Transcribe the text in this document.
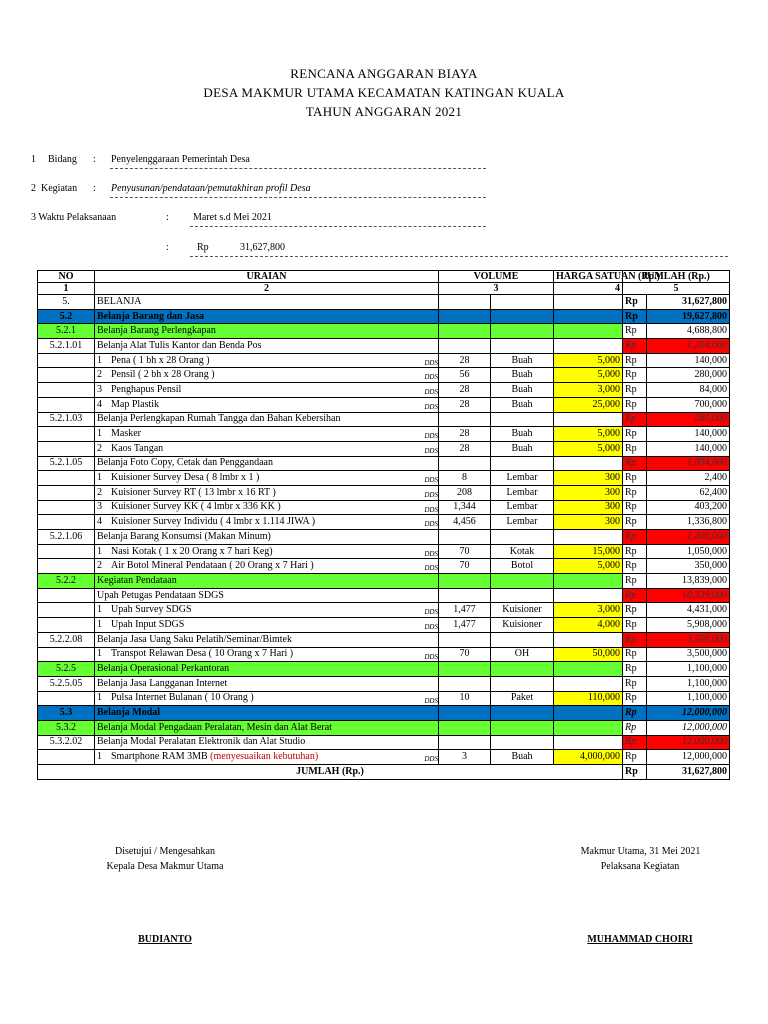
RENCANA ANGGARAN BIAYA
DESA MAKMUR UTAMA KECAMATAN KATINGAN KUALA
TAHUN ANGGARAN 2021
1 Bidang : Penyelenggaraan Pemerintah Desa
2 Kegiatan : Penyusunan/pendataan/pemutakhiran profil Desa
3 Waktu Pelaksanaan	: Maret s.d Mei 2021
:	Rp	31,627,800
NO	URAIAN	VOLUME		HARGA SATUAN (Rp.)	JUMLAH (Rp.)	
1	2	3		4	5	
5.	BELANJA				Rp	31,627,800
5.2	Belanja Barang dan Jasa				Rp	19,627,800
5.2.1	Belanja Barang Perlengkapan				Rp	4,688,800
5.2.1.01	Belanja Alat Tulis Kantor dan Benda Pos				Rp	1,204,000
	1 Pena ( 1 bh x 28 Orang ) DDS	28	Buah	5,000	Rp	140,000
	2 Pensil ( 2 bh x 28 Orang ) DDS	56	Buah	5,000	Rp	280,000
	3 Penghapus Pensil DDS	28	Buah	3,000	Rp	84,000
	4 Map Plastik DDS	28	Buah	25,000	Rp	700,000
5.2.1.03	Belanja Perlengkapan Rumah Tangga dan Bahan Kebersihan				Rp	280,000
	1 Masker DDS	28	Buah	5,000	Rp	140,000
	2 Kaos Tangan DDS	28	Buah	5,000	Rp	140,000
5.2.1.05	Belanja Foto Copy, Cetak dan Penggandaan				Rp	1,804,800
	1 Kuisioner Survey Desa ( 8 lmbr x 1 ) DDS	8	Lembar	300	Rp	2,400
	2 Kuisioner Survey RT ( 13 lmbr x 16 RT ) DDS	208	Lembar	300	Rp	62,400
	3 Kuisioner Survey KK ( 4 lmbr x 336 KK ) DDS	1,344	Lembar	300	Rp	403,200
	4 Kuisioner Survey Individu ( 4 lmbr x 1.114 JIWA ) DDS	4,456	Lembar	300	Rp	1,336,800
5.2.1.06	Belanja Barang Konsumsi (Makan Minum)				Rp	1,400,000
	1 Nasi Kotak ( 1 x 20 Orang x 7 hari Keg) DDS	70	Kotak	15,000	Rp	1,050,000
	2 Air Botol Mineral Pendataan ( 20 Orang x 7 Hari ) DDS	70	Botol	5,000	Rp	350,000
5.2.2	Kegiatan Pendataan				Rp	13,839,000
	Upah Petugas Pendataan SDGS				Rp	10,339,000
	1 Upah Survey SDGS DDS	1,477	Kuisioner	3,000	Rp	4,431,000
	1 Upah Input SDGS DDS	1,477	Kuisioner	4,000	Rp	5,908,000
5.2.2.08	Belanja Jasa Uang Saku Pelatih/Seminar/Bimtek				Rp	3,500,000
	1 Transpot Relawan Desa ( 10 Orang x 7 Hari ) DDS	70	OH	50,000	Rp	3,500,000
5.2.5	Belanja Operasional Perkantoran				Rp	1,100,000
5.2.5.05	Belanja Jasa Langganan Internet				Rp	1,100,000
	1 Pulsa Internet Bulanan ( 10 Orang ) DDS	10	Paket	110,000	Rp	1,100,000
5.3	Belanja Modal				Rp	12,000,000
5.3.2	Belanja Modal Pengadaan Peralatan, Mesin dan Alat Berat				Rp	12,000,000
5.3.2.02	Belanja Modal Peralatan Elektronik dan Alat Studio				Rp	12,000,000
	1 Smartphone RAM 3MB (menyesuaikan kebutuhan) DDS	3	Buah	4,000,000	Rp	12,000,000
JUMLAH (Rp.)					Rp	31,627,800
Disetujui / Mengesahkan
Kepala Desa Makmur Utama
BUDIANTO
Makmur Utama, 31 Mei 2021
Pelaksana Kegiatan
MUHAMMAD CHOIRI
